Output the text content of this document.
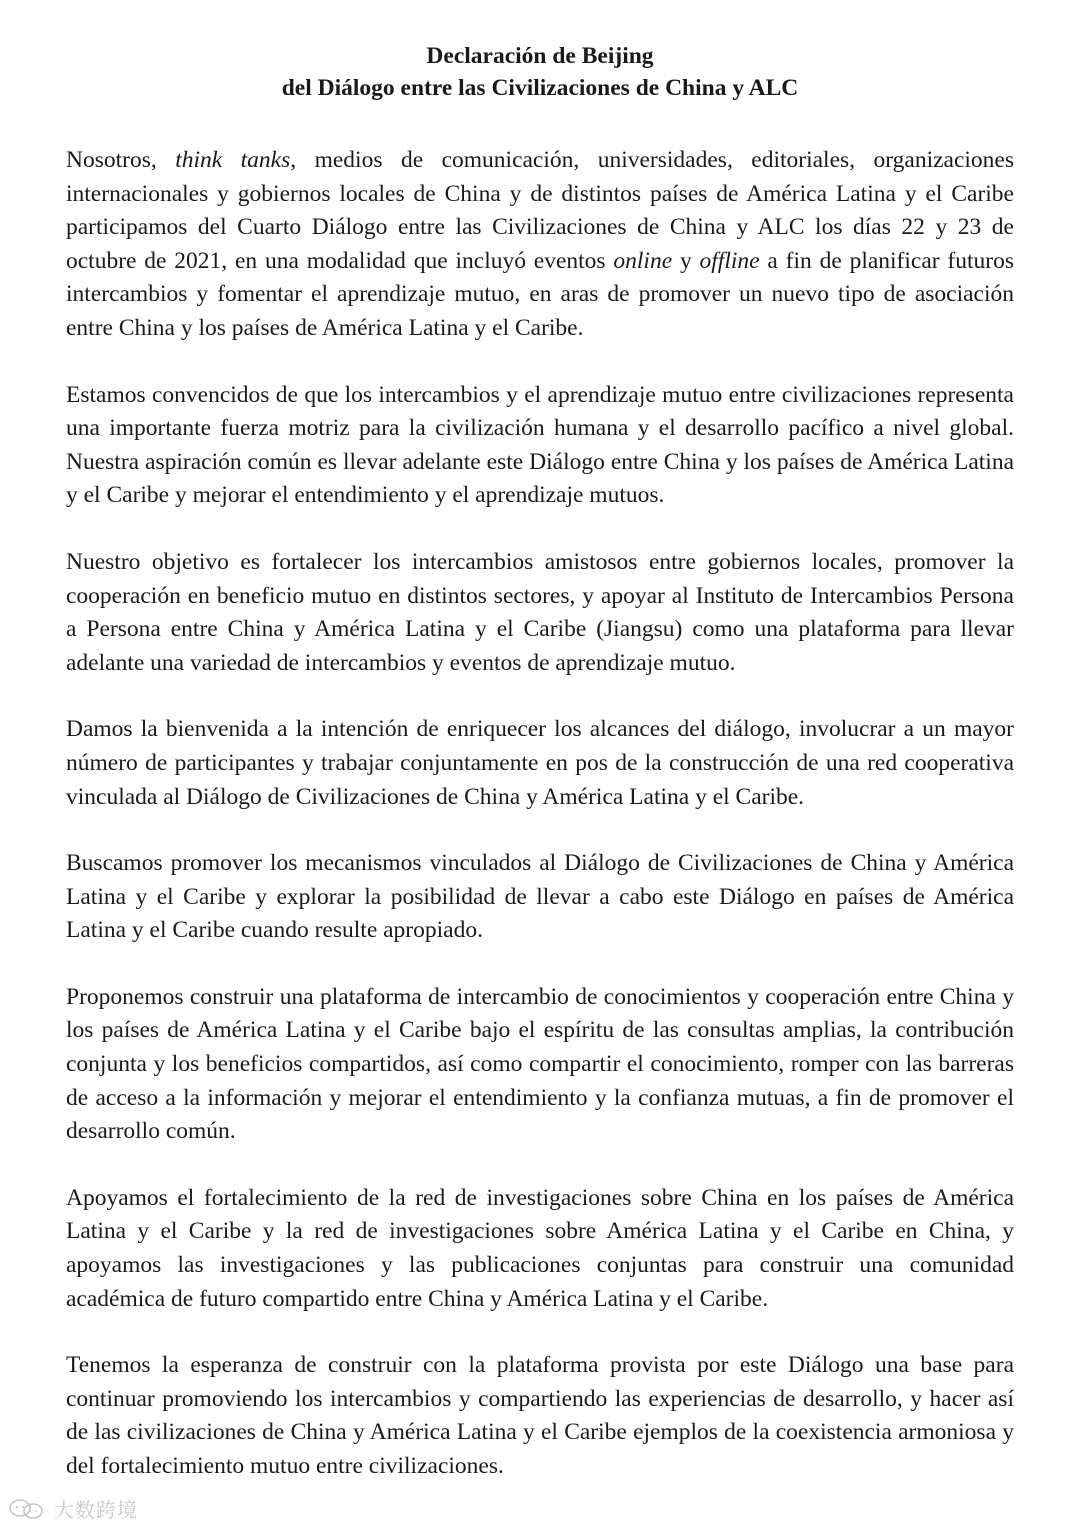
Declaración de Beijing
del Diálogo entre las Civilizaciones de China y ALC

Nosotros, think tanks, medios de comunicación, universidades, editoriales, organizaciones internacionales y gobiernos locales de China y de distintos países de América Latina y el Caribe participamos del Cuarto Diálogo entre las Civilizaciones de China y ALC los días 22 y 23 de octubre de 2021, en una modalidad que incluyó eventos online y offline a fin de planificar futuros intercambios y fomentar el aprendizaje mutuo, en aras de promover un nuevo tipo de asociación entre China y los países de América Latina y el Caribe.

Estamos convencidos de que los intercambios y el aprendizaje mutuo entre civilizaciones representa una importante fuerza motriz para la civilización humana y el desarrollo pacífico a nivel global. Nuestra aspiración común es llevar adelante este Diálogo entre China y los países de América Latina y el Caribe y mejorar el entendimiento y el aprendizaje mutuos.

Nuestro objetivo es fortalecer los intercambios amistosos entre gobiernos locales, promover la cooperación en beneficio mutuo en distintos sectores, y apoyar al Instituto de Intercambios Persona a Persona entre China y América Latina y el Caribe (Jiangsu) como una plataforma para llevar adelante una variedad de intercambios y eventos de aprendizaje mutuo.

Damos la bienvenida a la intención de enriquecer los alcances del diálogo, involucrar a un mayor número de participantes y trabajar conjuntamente en pos de la construcción de una red cooperativa vinculada al Diálogo de Civilizaciones de China y América Latina y el Caribe.

Buscamos promover los mecanismos vinculados al Diálogo de Civilizaciones de China y América Latina y el Caribe y explorar la posibilidad de llevar a cabo este Diálogo en países de América Latina y el Caribe cuando resulte apropiado.

Proponemos construir una plataforma de intercambio de conocimientos y cooperación entre China y los países de América Latina y el Caribe bajo el espíritu de las consultas amplias, la contribución conjunta y los beneficios compartidos, así como compartir el conocimiento, romper con las barreras de acceso a la información y mejorar el entendimiento y la confianza mutuas, a fin de promover el desarrollo común.

Apoyamos el fortalecimiento de la red de investigaciones sobre China en los países de América Latina y el Caribe y la red de investigaciones sobre América Latina y el Caribe en China, y apoyamos las investigaciones y las publicaciones conjuntas para construir una comunidad académica de futuro compartido entre China y América Latina y el Caribe.

Tenemos la esperanza de construir con la plataforma provista por este Diálogo una base para continuar promoviendo los intercambios y compartiendo las experiencias de desarrollo, y hacer así de las civilizaciones de China y América Latina y el Caribe ejemplos de la coexistencia armoniosa y del fortalecimiento mutuo entre civilizaciones.

大数跨境
